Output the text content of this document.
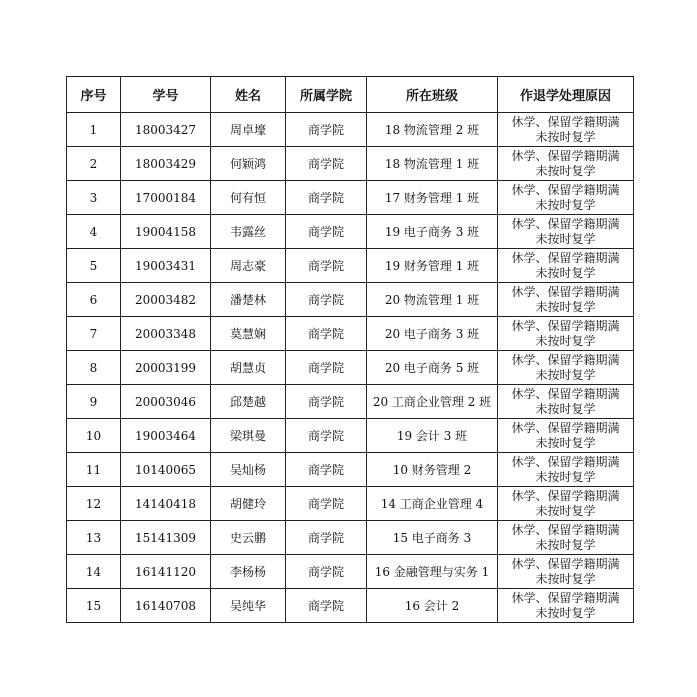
序号	学号	姓名	所属学院	所在班级	作退学处理原因
1	18003427	周卓壕	商学院	18 物流管理 2 班	休学、保留学籍期满
未按时复学

2	18003429	何颖鸿	商学院	18 物流管理 1 班	休学、保留学籍期满
未按时复学

3	17000184	何有恒	商学院	17 财务管理 1 班	休学、保留学籍期满
未按时复学

4	19004158	韦露丝	商学院	19 电子商务 3 班	休学、保留学籍期满
未按时复学

5	19003431	周志豪	商学院	19 财务管理 1 班	休学、保留学籍期满
未按时复学

6	20003482	潘楚林	商学院	20 物流管理 1 班	休学、保留学籍期满
未按时复学

7	20003348	莫慧娴	商学院	20 电子商务 3 班	休学、保留学籍期满
未按时复学

8	20003199	胡慧贞	商学院	20 电子商务 5 班	休学、保留学籍期满
未按时复学

9	20003046	邱楚越	商学院	20 工商企业管理 2 班	休学、保留学籍期满
未按时复学

10	19003464	梁琪曼	商学院	19 会计 3 班	休学、保留学籍期满
未按时复学

11	10140065	吴灿杨	商学院	10 财务管理 2	休学、保留学籍期满
未按时复学

12	14140418	胡健玲	商学院	14 工商企业管理 4	休学、保留学籍期满
未按时复学

13	15141309	史云鹏	商学院	15 电子商务 3	休学、保留学籍期满
未按时复学

14	16141120	李杨杨	商学院	16 金融管理与实务 1	休学、保留学籍期满
未按时复学

15	16140708	吴纯华	商学院	16 会计 2	休学、保留学籍期满
未按时复学
